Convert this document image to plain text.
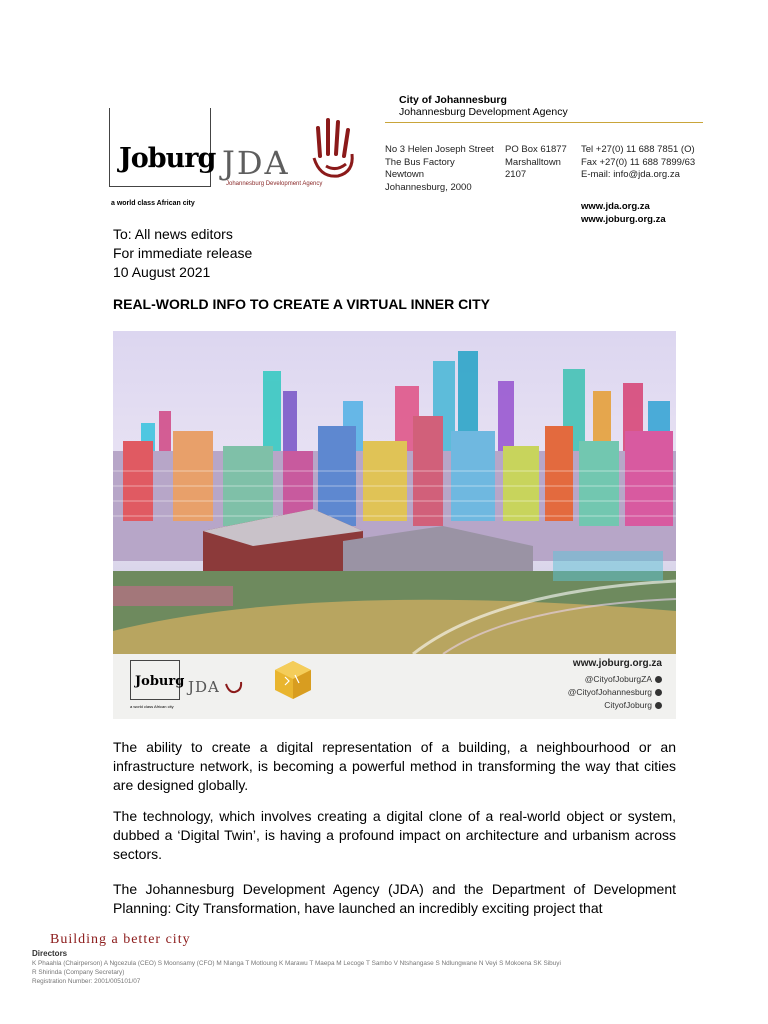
Joburg
a world class African city
JDA
Johannesburg Development Agency
City of Johannesburg
Johannesburg Development Agency
No 3 Helen Joseph Street
The Bus Factory
Newtown
Johannesburg, 2000
PO Box 61877
Marshalltown
2107
Tel +27(0) 11 688 7851 (O)
Fax +27(0) 11 688 7899/63
E-mail: info@jda.org.za
www.jda.org.za
www.joburg.org.za
To: All news editors
For immediate release
10 August 2021
REAL-WORLD INFO TO CREATE A VIRTUAL INNER CITY
Joburg
a world class African city
JDA
www.joburg.org.za
@CityofJoburgZA
@CityofJohannesburg
CityofJoburg
The ability to create a digital representation of a building, a neighbourhood or an infrastructure network, is becoming a powerful method in transforming the way that cities are designed globally.
The technology, which involves creating a digital clone of a real-world object or system, dubbed a ‘Digital Twin’, is having a profound impact on architecture and urbanism across sectors.
The Johannesburg Development Agency (JDA) and the Department of Development Planning: City Transformation, have launched an incredibly exciting project that
Building a better city
Directors
K Phaahla (Chairperson) A Ngcezula (CEO) S Moonsamy (CFO) M Nlanga T Motloung K Marawu T Maepa M Lecoge T Sambo V Ntshangase S Ndlungwane N Veyi S Mokoena SK Sibuyi
R Shirinda (Company Secretary)
Registration Number: 2001/005101/07
